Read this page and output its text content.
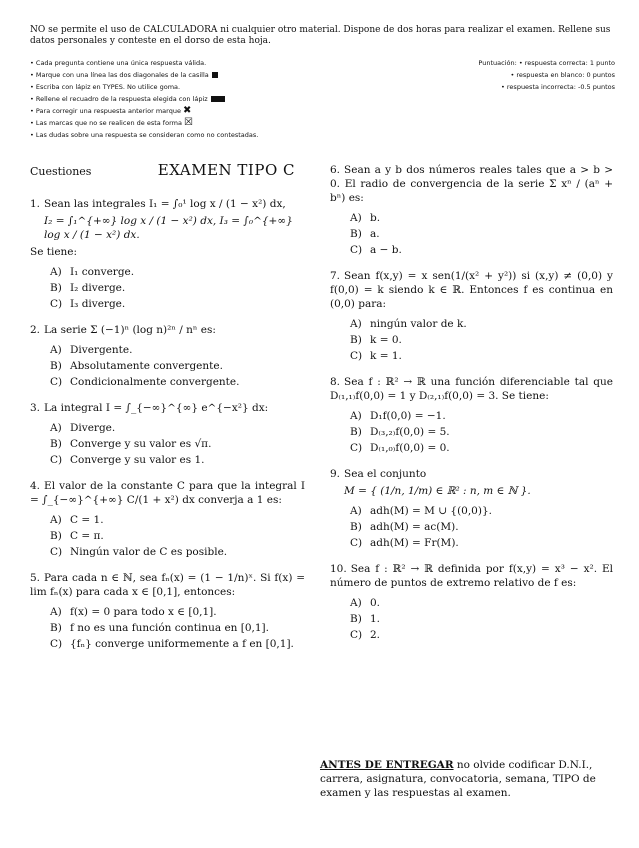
NO se permite el uso de CALCULADORA ni cualquier otro material. Dispone de dos horas para realizar el examen. Rellene sus datos personales y conteste en el dorso de esta hoja.

• Cada pregunta contiene una única respuesta válida.
• Marque con una línea las dos diagonales de la casilla
• Escriba con lápiz en TYPES. No utilice goma.
• Rellene el recuadro de la respuesta elegida con lápiz
• Para corregir una respuesta anterior marque ✖
• Las marcas que no se realicen de esta forma ☒
• Las dudas sobre una respuesta se consideran como no contestadas.
Puntuación: • respuesta correcta: 1 punto
• respuesta en blanco: 0 puntos
• respuesta incorrecta: -0.5 puntos
Cuestiones	EXAMEN TIPO C
1. Sean las integrales I₁ = ∫₀¹ log x / (1 − x²) dx,
I₂ = ∫₁^{+∞} log x / (1 − x²) dx, I₃ = ∫₀^{+∞} log x / (1 − x²) dx.
Se tiene:
A) I₁ converge.
B) I₂ diverge.
C) I₃ diverge.
2. La serie Σ (−1)ⁿ (log n)²ⁿ / nⁿ es:
A) Divergente.
B) Absolutamente convergente.
C) Condicionalmente convergente.
3. La integral I = ∫_{−∞}^{∞} e^{−x²} dx:
A) Diverge.
B) Converge y su valor es √π.
C) Converge y su valor es 1.
4. El valor de la constante C para que la integral I = ∫_{−∞}^{+∞} C/(1 + x²) dx converja a 1 es:
A) C = 1.
B) C = π.
C) Ningún valor de C es posible.
5. Para cada n ∈ ℕ, sea fₙ(x) = (1 − 1/n)ˣ. Si f(x) = lim fₙ(x) para cada x ∈ [0,1], entonces:
A) f(x) = 0 para todo x ∈ [0,1].
B) f no es una función continua en [0,1].
C) {fₙ} converge uniformemente a f en [0,1].
6. Sean a y b dos números reales tales que a > b > 0. El radio de convergencia de la serie Σ xⁿ / (aⁿ + bⁿ) es:
A) b.
B) a.
C) a − b.
7. Sean f(x,y) = x sen(1/(x² + y²)) si (x,y) ≠ (0,0) y f(0,0) = k siendo k ∈ ℝ. Entonces f es continua en (0,0) para:
A) ningún valor de k.
B) k = 0.
C) k = 1.
8. Sea f : ℝ² → ℝ una función diferenciable tal que D₍₁,₁₎f(0,0) = 1 y D₍₂,₁₎f(0,0) = 3. Se tiene:
A) D₁f(0,0) = −1.
B) D₍₃,₂₎f(0,0) = 5.
C) D₍₁,₀₎f(0,0) = 0.
9. Sea el conjunto
M = { (1/n, 1/m) ∈ ℝ² : n, m ∈ ℕ }.
A) adh(M) = M ∪ {(0,0)}.
B) adh(M) = ac(M).
C) adh(M) = Fr(M).
10. Sea f : ℝ² → ℝ definida por f(x,y) = x³ − x². El número de puntos de extremo relativo de f es:
A) 0.
B) 1.
C) 2.
ANTES DE ENTREGAR no olvide codificar D.N.I., carrera, asignatura, convocatoria, semana, TIPO de examen y las respuestas al examen.
